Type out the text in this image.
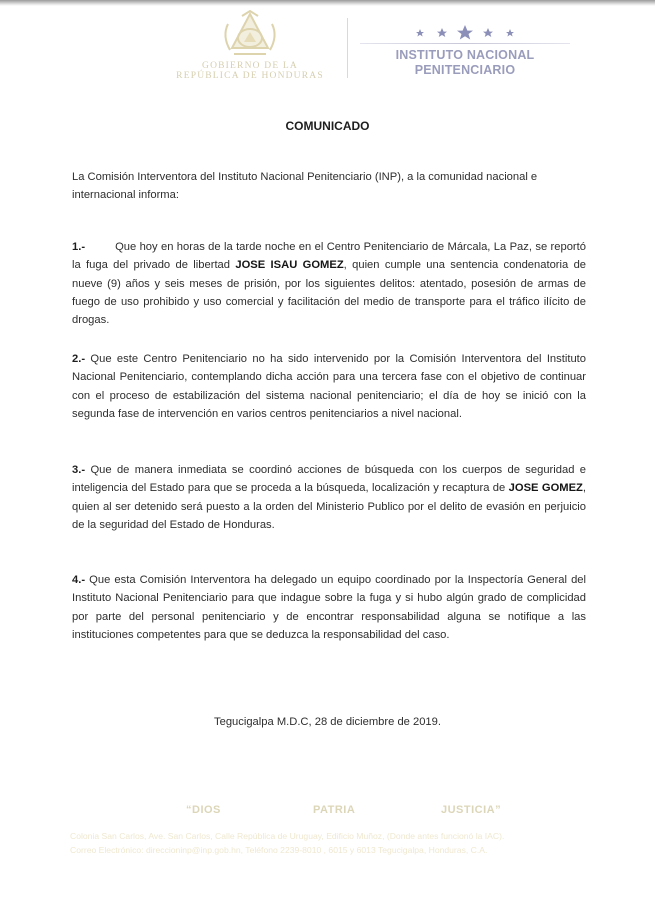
GOBIERNO DE LA
REPÚBLICA DE HONDURAS
INSTITUTO NACIONAL
PENITENCIARIO
COMUNICADO
La Comisión Interventora del Instituto Nacional Penitenciario (INP), a la comunidad nacional e internacional informa:
1.-	Que hoy en horas de la tarde noche en el Centro Penitenciario de Márcala, La Paz, se reportó la fuga del privado de libertad JOSE ISAU GOMEZ, quien cumple una sentencia condenatoria de nueve (9) años y seis meses de prisión, por los siguientes delitos: atentado, posesión de armas de fuego de uso prohibido y uso comercial y facilitación del medio de transporte para el tráfico ilícito de drogas.
2.- Que este Centro Penitenciario no ha sido intervenido por la Comisión Interventora del Instituto Nacional Penitenciario, contemplando dicha acción para una tercera fase con el objetivo de continuar con el proceso de estabilización del sistema nacional penitenciario; el día de hoy se inició con la segunda fase de intervención en varios centros penitenciarios a nivel nacional.
3.- Que de manera inmediata se coordinó acciones de búsqueda con los cuerpos de seguridad e inteligencia del Estado para que se proceda a la búsqueda, localización y recaptura de JOSE GOMEZ, quien al ser detenido será puesto a la orden del Ministerio Publico por el delito de evasión en perjuicio de la seguridad del Estado de Honduras.
4.- Que esta Comisión Interventora ha delegado un equipo coordinado por la Inspectoría General del Instituto Nacional Penitenciario para que indague sobre la fuga y si hubo algún grado de complicidad por parte del personal penitenciario y de encontrar responsabilidad alguna se notifique a las instituciones competentes para que se deduzca la responsabilidad del caso.
Tegucigalpa M.D.C, 28 de diciembre de 2019.
“DIOS	PATRIA	JUSTICIA”
Colonia San Carlos, Ave. San Carlos, Calle República de Uruguay, Edificio Muñoz, (Donde antes funcionó la IAC).
Correo Electrónico: direccioninp@inp.gob.hn, Teléfono 2239-8010 , 6015 y 6013 Tegucigalpa, Honduras, C.A.
